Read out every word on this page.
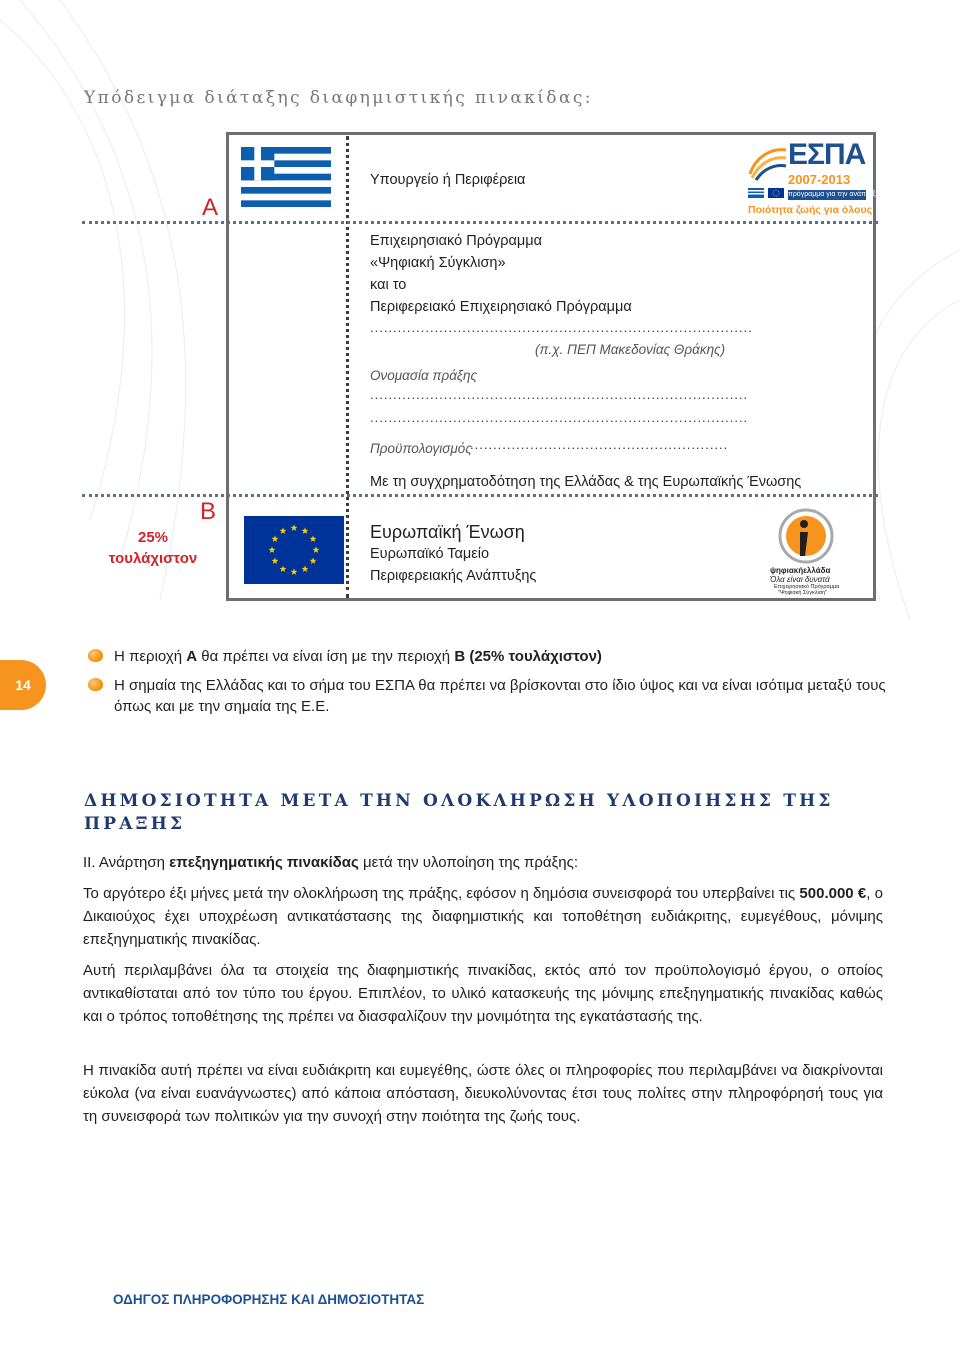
Υπόδειγμα διάταξης διαφημιστικής πινακίδας:
Α
Β
25%
τουλάχιστον
Υπουργείο ή Περιφέρεια
Επιχειρησιακό Πρόγραμμα
«Ψηφιακή Σύγκλιση»
και το
Περιφερειακό Επιχειρησιακό Πρόγραμμα
...................................................................................
(π.χ. ΠΕΠ Μακεδονίας Θράκης)
Ονομασία πράξης
..................................................................................
..................................................................................
Προϋπολογισμός
........................................................
Με τη συγχρηματοδότηση της Ελλάδας & της Ευρωπαϊκής Ένωσης
Ευρωπαϊκή Ένωση
Ευρωπαϊκό Ταμείο
Περιφερειακής Ανάπτυξης
ΕΣΠΑ
2007-2013
πρόγραμμα για την ανάπτυξη
Ποιότητα ζωής για όλους
ψηφιακήελλάδα
Όλα είναι δυνατά
Επιχειρησιακό Πρόγραμμα
"Ψηφιακή Σύγκλιση"
14
Η περιοχή Α θα πρέπει να είναι ίση με την περιοχή Β (25% τουλάχιστον)
Η σημαία της Ελλάδας και το σήμα του ΕΣΠΑ θα πρέπει να βρίσκονται στο ίδιο ύψος και να είναι ισότιμα μεταξύ τους όπως και με την σημαία της Ε.Ε.
ΔΗΜΟΣΙΟΤΗΤΑ ΜΕΤΑ ΤΗΝ ΟΛΟΚΛΗΡΩΣΗ ΥΛΟΠΟΙΗΣΗΣ ΤΗΣ ΠΡΑΞΗΣ
ΙΙ. Ανάρτηση επεξηγηματικής πινακίδας μετά την υλοποίηση της πράξης:
Το αργότερο έξι μήνες μετά την ολοκλήρωση της πράξης, εφόσον η δημόσια συνεισφορά του υπερβαίνει τις 500.000 €, ο Δικαιούχος έχει υποχρέωση αντικατάστασης της διαφημιστικής και τοποθέτηση ευδιάκριτης, ευμεγέθους, μόνιμης επεξηγηματικής πινακίδας.
Αυτή περιλαμβάνει όλα τα στοιχεία της διαφημιστικής πινακίδας, εκτός από τον προϋπολογισμό έργου, ο οποίος αντικαθίσταται από τον τύπο του έργου. Επιπλέον, το υλικό κατασκευής της μόνιμης επεξηγηματικής πινακίδας καθώς και ο τρόπος τοποθέτησης της πρέπει να διασφαλίζουν την μονιμότητα της εγκατάστασής της.
Η πινακίδα αυτή πρέπει να είναι ευδιάκριτη και ευμεγέθης, ώστε όλες οι πληροφορίες που περιλαμβάνει να διακρίνονται εύκολα (να είναι ευανάγνωστες) από κάποια απόσταση, διευκολύνοντας έτσι τους πολίτες στην πληροφόρησή τους για τη συνεισφορά των πολιτικών για την συνοχή στην ποιότητα της ζωής τους.
ΟΔΗΓΟΣ ΠΛΗΡΟΦΟΡΗΣΗΣ ΚΑΙ ΔΗΜΟΣΙΟΤΗΤΑΣ
